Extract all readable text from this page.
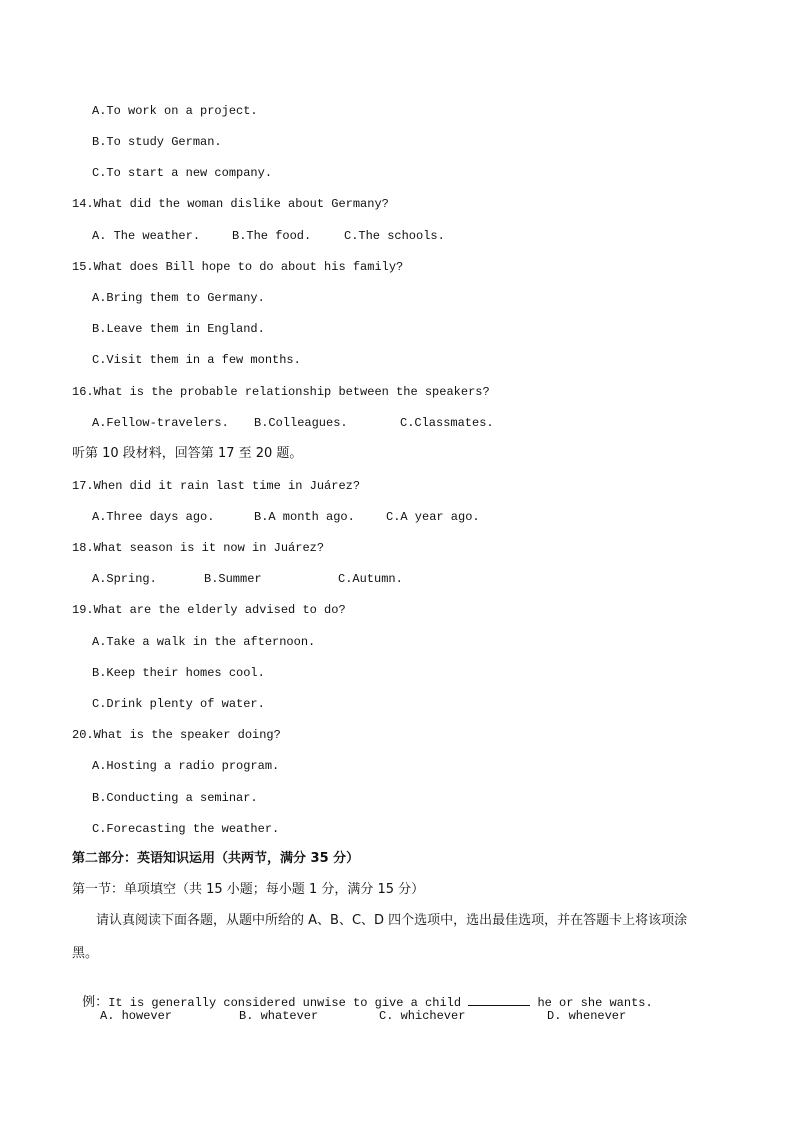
A.To work on a project.
B.To study German.
C.To start a new company.
14.What did the woman dislike about Germany?

A. The weather.

	B.The food.

	C.The schools.

15.What does Bill hope to do about his family?
A.Bring them to Germany.
B.Leave them in England.
C.Visit them in a few months.
16.What is the probable relationship between the speakers?

A.Fellow-travelers.

B.Colleagues.

	C.Classmates.

听第 10 段材料，回答第 17 至 20 题。
17.When did it rain last time in Juárez?

A.Three days ago.

	B.A month ago.

	C.A year ago.

18.What season is it now in Juárez?

A.Spring.

	B.Summer

	C.Autumn.

19.What are the elderly advised to do?
A.Take a walk in the afternoon.
B.Keep their homes cool.
C.Drink plenty of water.
20.What is the speaker doing?
A.Hosting a radio program.
B.Conducting a seminar.
C.Forecasting the weather.
第二部分：英语知识运用（共两节，满分 35 分）
第一节：单项填空（共 15 小题；每小题 1 分，满分 15 分）
请认真阅读下面各题，从题中所给的 A、B、C、D 四个选项中，选出最佳选项，并在答题卡上将该项涂
黑。

例：It is generally considered unwise to give a child	he or she wants.

A. however

	B. whatever

	C. whichever

	D. whenever
